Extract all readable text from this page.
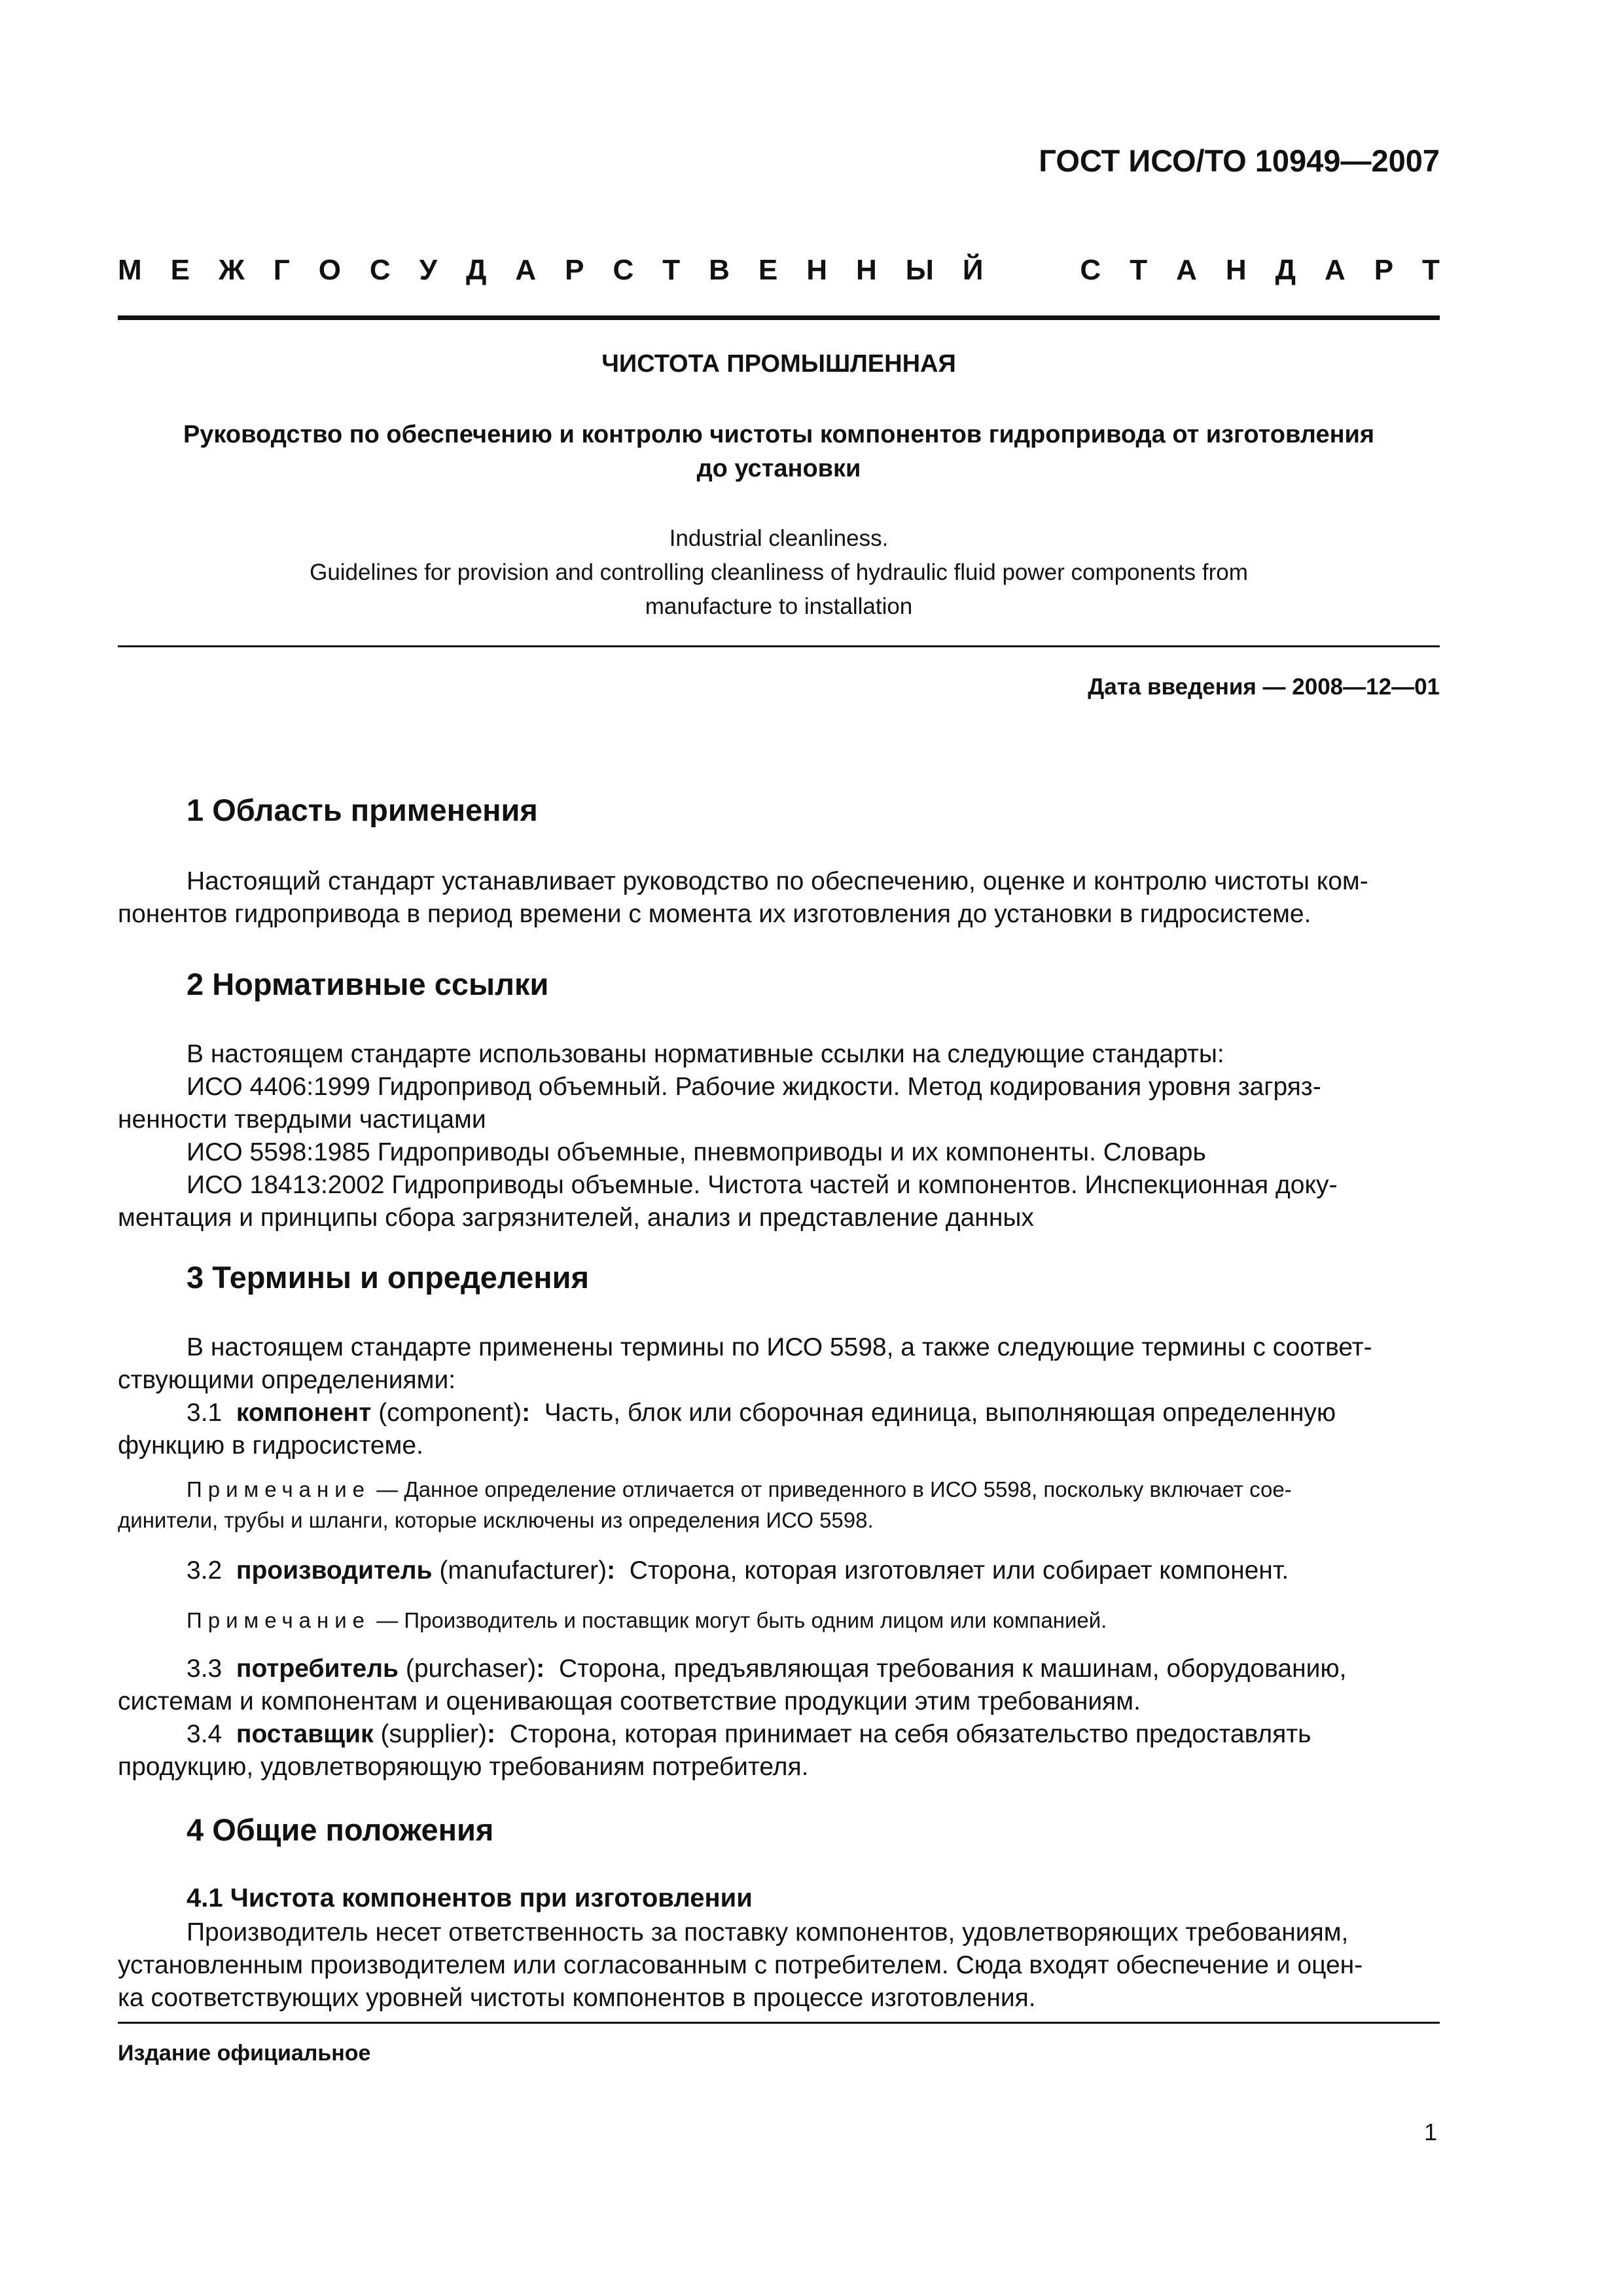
ГОСТ ИСО/ТО 10949—2007
М Е Ж Г О С У Д А Р С Т В Е Н Н Ы Й	С Т А Н Д А Р Т
ЧИСТОТА ПРОМЫШЛЕННАЯ
Руководство по обеспечению и контролю чистоты компонентов гидропривода от изготовления
до установки
Industrial cleanliness.
Guidelines for provision and controlling cleanliness of hydraulic fluid power components from
manufacture to installation
Дата введения — 2008—12—01
1 Область применения
Настоящий стандарт устанавливает руководство по обеспечению, оценке и контролю чистоты ком-
понентов гидропривода в период времени с момента их изготовления до установки в гидросистеме.
2 Нормативные ссылки
В настоящем стандарте использованы нормативные ссылки на следующие стандарты:
ИСО 4406:1999 Гидропривод объемный. Рабочие жидкости. Метод кодирования уровня загряз-
ненности твердыми частицами
ИСО 5598:1985 Гидроприводы объемные, пневмоприводы и их компоненты. Словарь
ИСО 18413:2002 Гидроприводы объемные. Чистота частей и компонентов. Инспекционная доку-
ментация и принципы сбора загрязнителей, анализ и представление данных
3 Термины и определения
В настоящем стандарте применены термины по ИСО 5598, а также следующие термины с соответ-
ствующими определениями:
3.1 компонент (component): Часть, блок или сборочная единица, выполняющая определенную
функцию в гидросистеме.
Примечание — Данное определение отличается от приведенного в ИСО 5598, поскольку включает сое-
динители, трубы и шланги, которые исключены из определения ИСО 5598.
3.2 производитель (manufacturer): Сторона, которая изготовляет или собирает компонент.
Примечание — Производитель и поставщик могут быть одним лицом или компанией.
3.3 потребитель (purchaser): Сторона, предъявляющая требования к машинам, оборудованию,
системам и компонентам и оценивающая соответствие продукции этим требованиям.
3.4 поставщик (supplier): Сторона, которая принимает на себя обязательство предоставлять
продукцию, удовлетворяющую требованиям потребителя.
4 Общие положения
4.1 Чистота компонентов при изготовлении
Производитель несет ответственность за поставку компонентов, удовлетворяющих требованиям,
установленным производителем или согласованным с потребителем. Сюда входят обеспечение и оцен-
ка соответствующих уровней чистоты компонентов в процессе изготовления.
Издание официальное
1
